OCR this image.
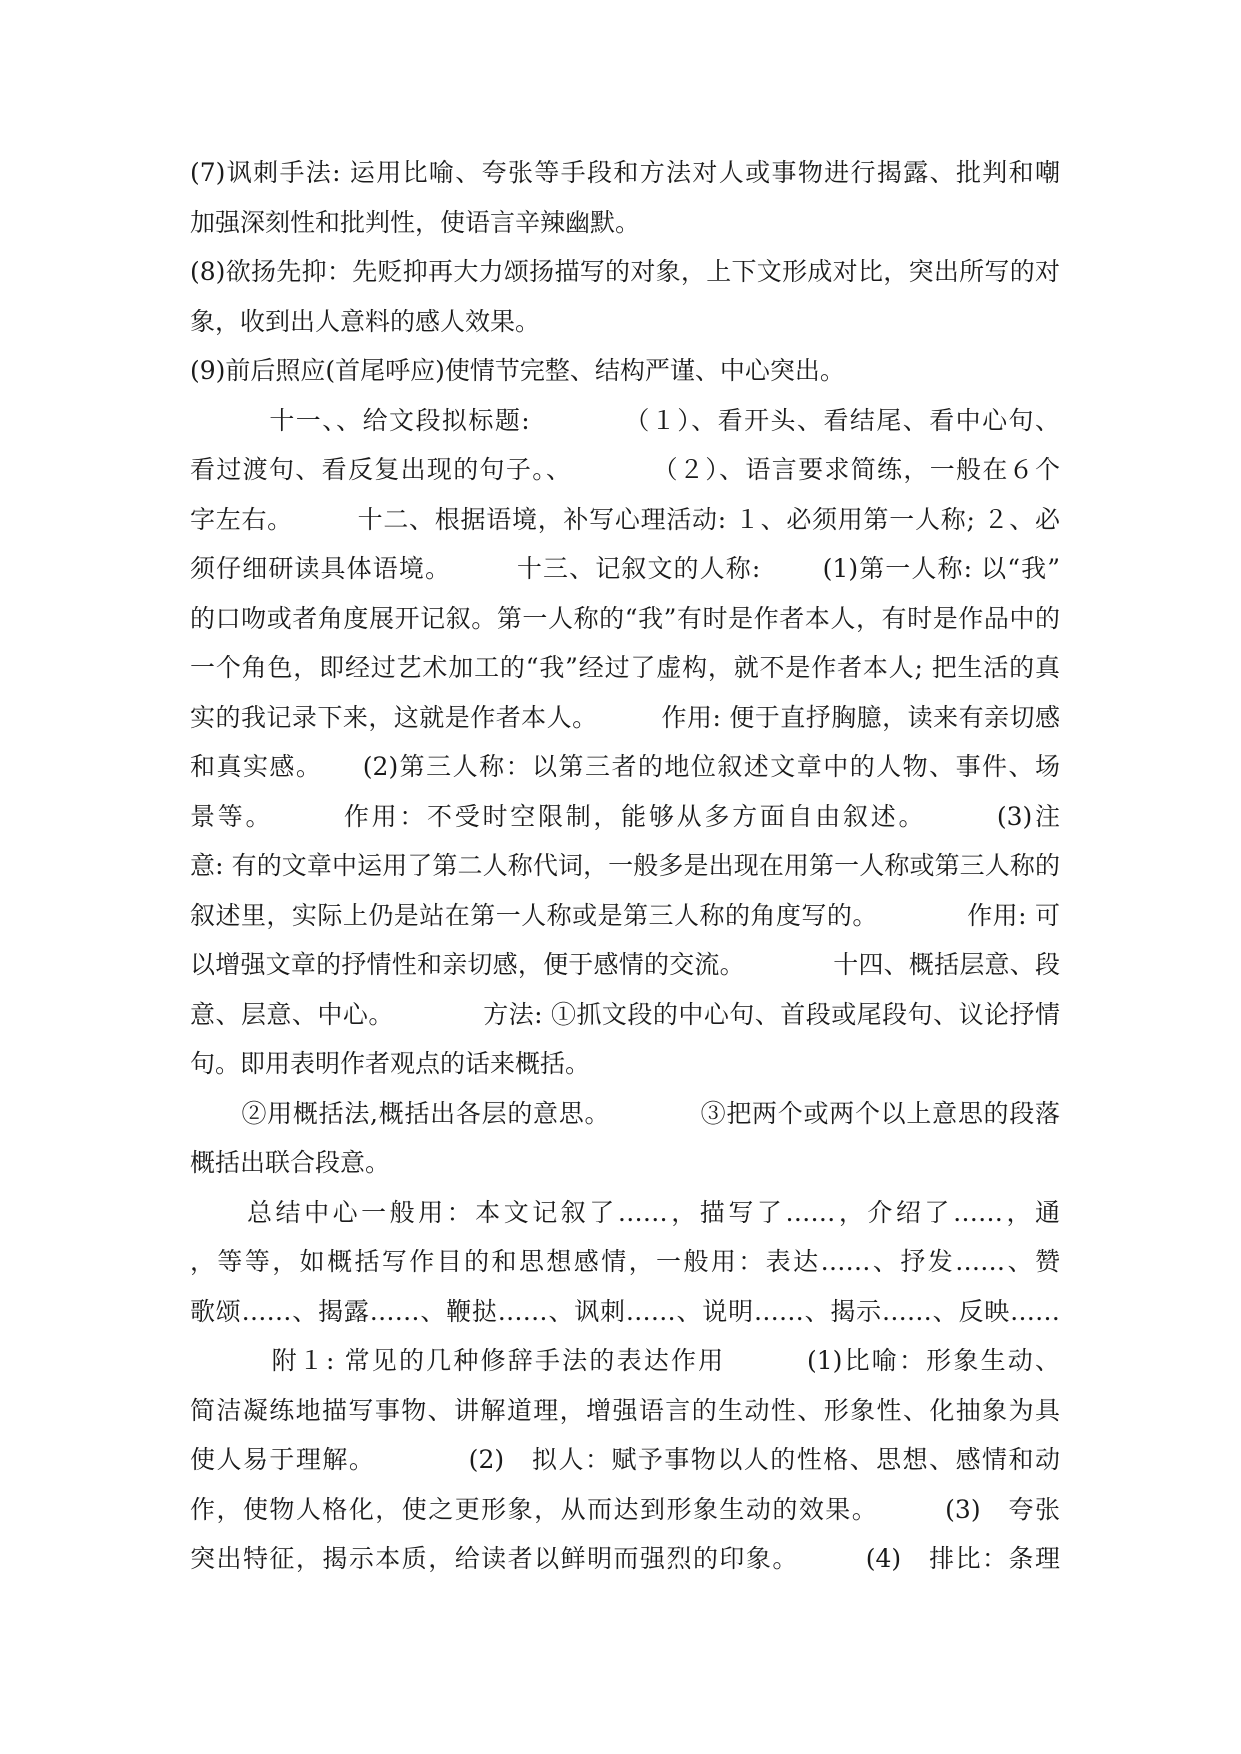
(7)讽刺手法: 运用比喻、夸张等手段和方法对人或事物进行揭露、批判和嘲
加强深刻性和批判性，使语言辛辣幽默。
(8)欲扬先抑：先贬抑再大力颂扬描写的对象，上下文形成对比，突出所写的对
象，收到出人意料的感人效果。
(9)前后照应(首尾呼应)使情节完整、结构严谨、中心突出。
　　　十一、、给文段拟标题:　　　　（１）、看开头、看结尾、看中心句、
看过渡句、看反复出现的句子。、　　　　（２）、语言要求简练，一般在６个
字左右。　　　十二、根据语境，补写心理活动: １、必须用第一人称; ２、必
须仔细研读具体语境。　　　十三、记叙文的人称:　　 (1)第一人称: 以“我”
的口吻或者角度展开记叙。第一人称的“我”有时是作者本人，有时是作品中的
一个角色，即经过艺术加工的“我”经过了虚构，就不是作者本人; 把生活的真
实的我记录下来，这就是作者本人。　　　作用: 便于直抒胸臆，读来有亲切感
和真实感。　　(2)第三人称：以第三者的地位叙述文章中的人物、事件、场
景等。　　　作用：不受时空限制，能够从多方面自由叙述。　　　(3)注
意: 有的文章中运用了第二人称代词，一般多是出现在用第一人称或第三人称的
叙述里，实际上仍是站在第一人称或是第三人称的角度写的。　　　　作用: 可
以增强文章的抒情性和亲切感，便于感情的交流。　　　　十四、概括层意、段
意、层意、中心。　　　　方法: ①抓文段的中心句、首段或尾段句、议论抒情
句。即用表明作者观点的话来概括。
　　②用概括法,概括出各层的意思。　　　　③把两个或两个以上意思的段落
概括出联合段意。
　　总结中心一般用：本文记叙了……，描写了……，介绍了……，通
，等等，如概括写作目的和思想感情，一般用：表达……、抒发……、赞
歌颂……、揭露……、鞭挞……、讽刺……、说明……、揭示……、反映……
　　　附１: 常见的几种修辞手法的表达作用　　　(1)比喻：形象生动、
简洁凝练地描写事物、讲解道理，增强语言的生动性、形象性、化抽象为具
使人易于理解。　　　　(2)　拟人：赋予事物以人的性格、思想、感情和动
作，使物人格化，使之更形象，从而达到形象生动的效果。　　　(3)　夸张
突出特征，揭示本质，给读者以鲜明而强烈的印象。　　　(4)　排比：条理
